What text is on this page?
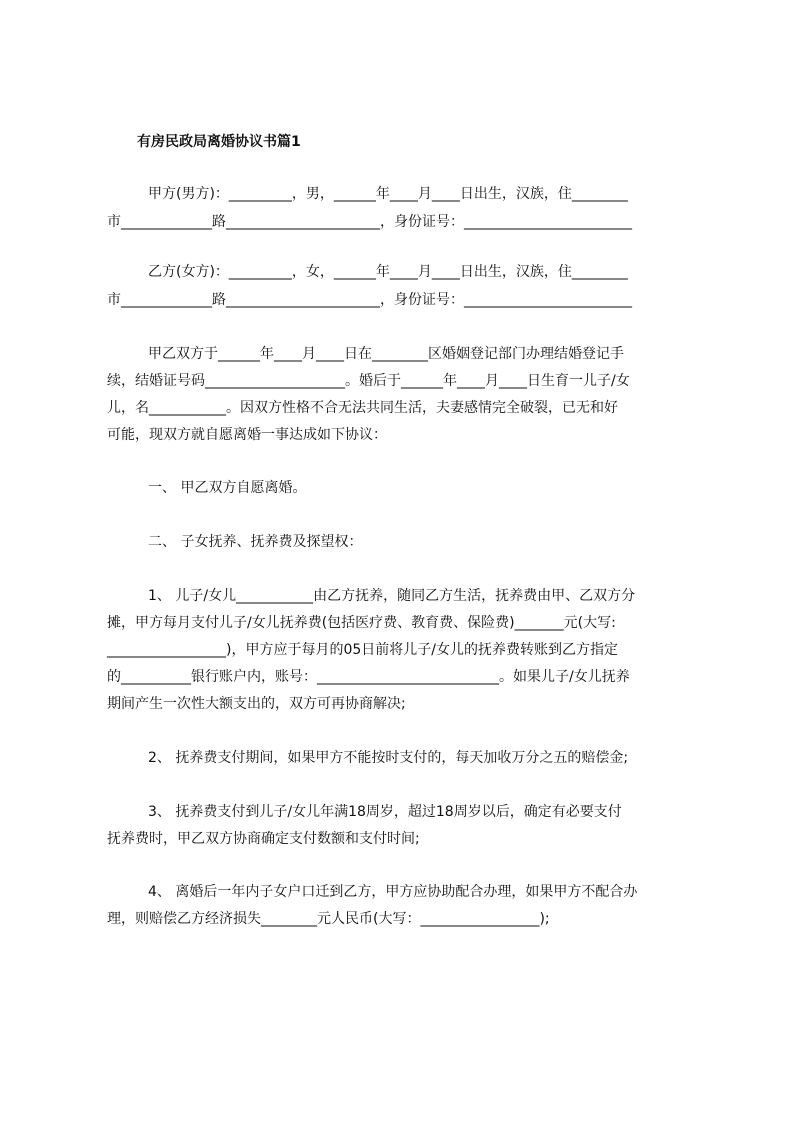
有房民政局离婚协议书篇1
甲方(男方)：_________，男，______年____月____日出生，汉族，住________
市_____________路______________________，身份证号：________________________
乙方(女方)：_________，女，______年____月____日出生，汉族，住________
市_____________路______________________，身份证号：________________________
甲乙双方于______年____月____日在________区婚姻登记部门办理结婚登记手
续，结婚证号码____________________。婚后于______年____月____日生育一儿子/女
儿，名___________。因双方性格不合无法共同生活，夫妻感情完全破裂，已无和好
可能，现双方就自愿离婚一事达成如下协议：
一、 甲乙双方自愿离婚。
二、 子女抚养、抚养费及探望权：
1、 儿子/女儿___________由乙方抚养，随同乙方生活，抚养费由甲、乙双方分
摊，甲方每月支付儿子/女儿抚养费(包括医疗费、教育费、保险费)_______元(大写:
_________________)，甲方应于每月的05日前将儿子/女儿的抚养费转账到乙方指定
的__________银行账户内，账号：__________________________。如果儿子/女儿抚养
期间产生一次性大额支出的，双方可再协商解决;
2、 抚养费支付期间，如果甲方不能按时支付的，每天加收万分之五的赔偿金;
3、 抚养费支付到儿子/女儿年满18周岁，超过18周岁以后，确定有必要支付
抚养费时，甲乙双方协商确定支付数额和支付时间;
4、 离婚后一年内子女户口迁到乙方，甲方应协助配合办理，如果甲方不配合办
理，则赔偿乙方经济损失________元人民币(大写：_________________);
